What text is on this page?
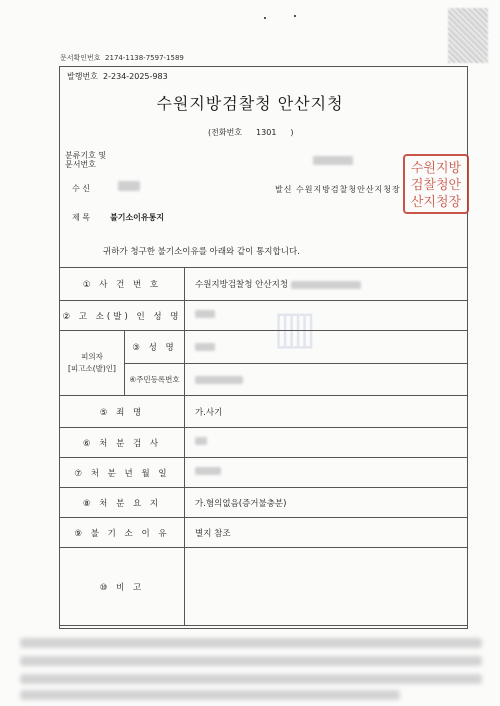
문서확인번호 2174-1138-7597-1589
발행번호 2-234-2025-983
수원지방검찰청 안산지청
(전화번호 1301 )
분류기호 및
문서번호
수 신	발신 수원지방검찰청안산지청장
제 목	불기소이유통지
수원지방
검찰청안
산지청장
귀하가 청구한 불기소이유를 아래와 같이 통지합니다.
▥
① 사 건 번 호	수원지방검찰청 안산지청
② 고 소(발) 인 성 명	

피의자
[피고소(발)인]
③ 성 명
④주민등록번호	

⑤ 죄 명	가.사기
⑥ 처 분 검 사	
⑦ 처 분 년 월 일	
⑧ 처 분 요 지	가.혐의없음(증거불충분)
⑨ 불 기 소 이 유	별지 참조
⑩ 비 고	
